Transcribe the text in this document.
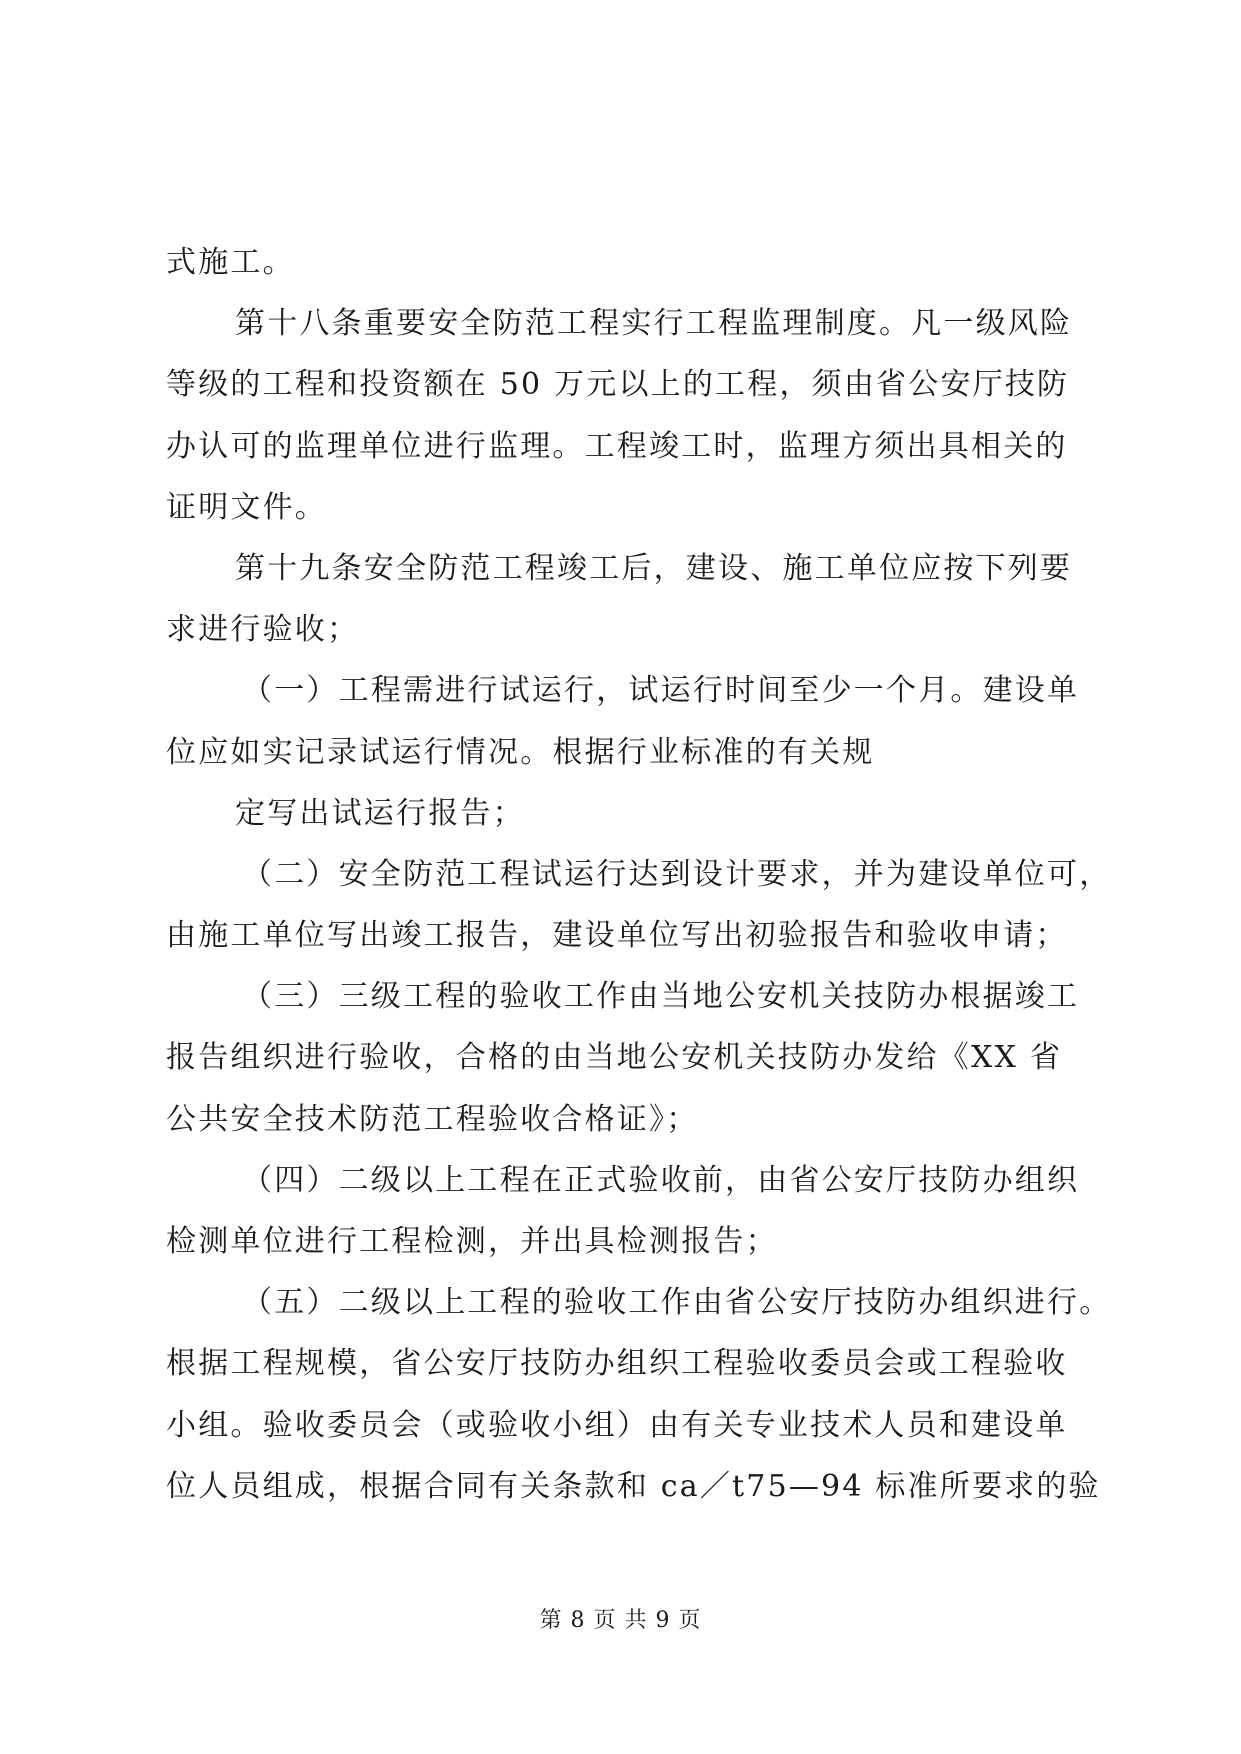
式施工。
第十八条重要安全防范工程实行工程监理制度。凡一级风险
等级的工程和投资额在 50 万元以上的工程，须由省公安厅技防
办认可的监理单位进行监理。工程竣工时，监理方须出具相关的
证明文件。
第十九条安全防范工程竣工后，建设、施工单位应按下列要
求进行验收；
（一）工程需进行试运行，试运行时间至少一个月。建设单
位应如实记录试运行情况。根据行业标准的有关规
定写出试运行报告；
（二）安全防范工程试运行达到设计要求，并为建设单位可，
由施工单位写出竣工报告，建设单位写出初验报告和验收申请；
（三）三级工程的验收工作由当地公安机关技防办根据竣工
报告组织进行验收，合格的由当地公安机关技防办发给《XX 省
公共安全技术防范工程验收合格证》；
（四）二级以上工程在正式验收前，由省公安厅技防办组织
检测单位进行工程检测，并出具检测报告；
（五）二级以上工程的验收工作由省公安厅技防办组织进行。
根据工程规模，省公安厅技防办组织工程验收委员会或工程验收
小组。验收委员会（或验收小组）由有关专业技术人员和建设单
位人员组成，根据合同有关条款和 ca／t75—94 标准所要求的验
第 8 页 共 9 页
